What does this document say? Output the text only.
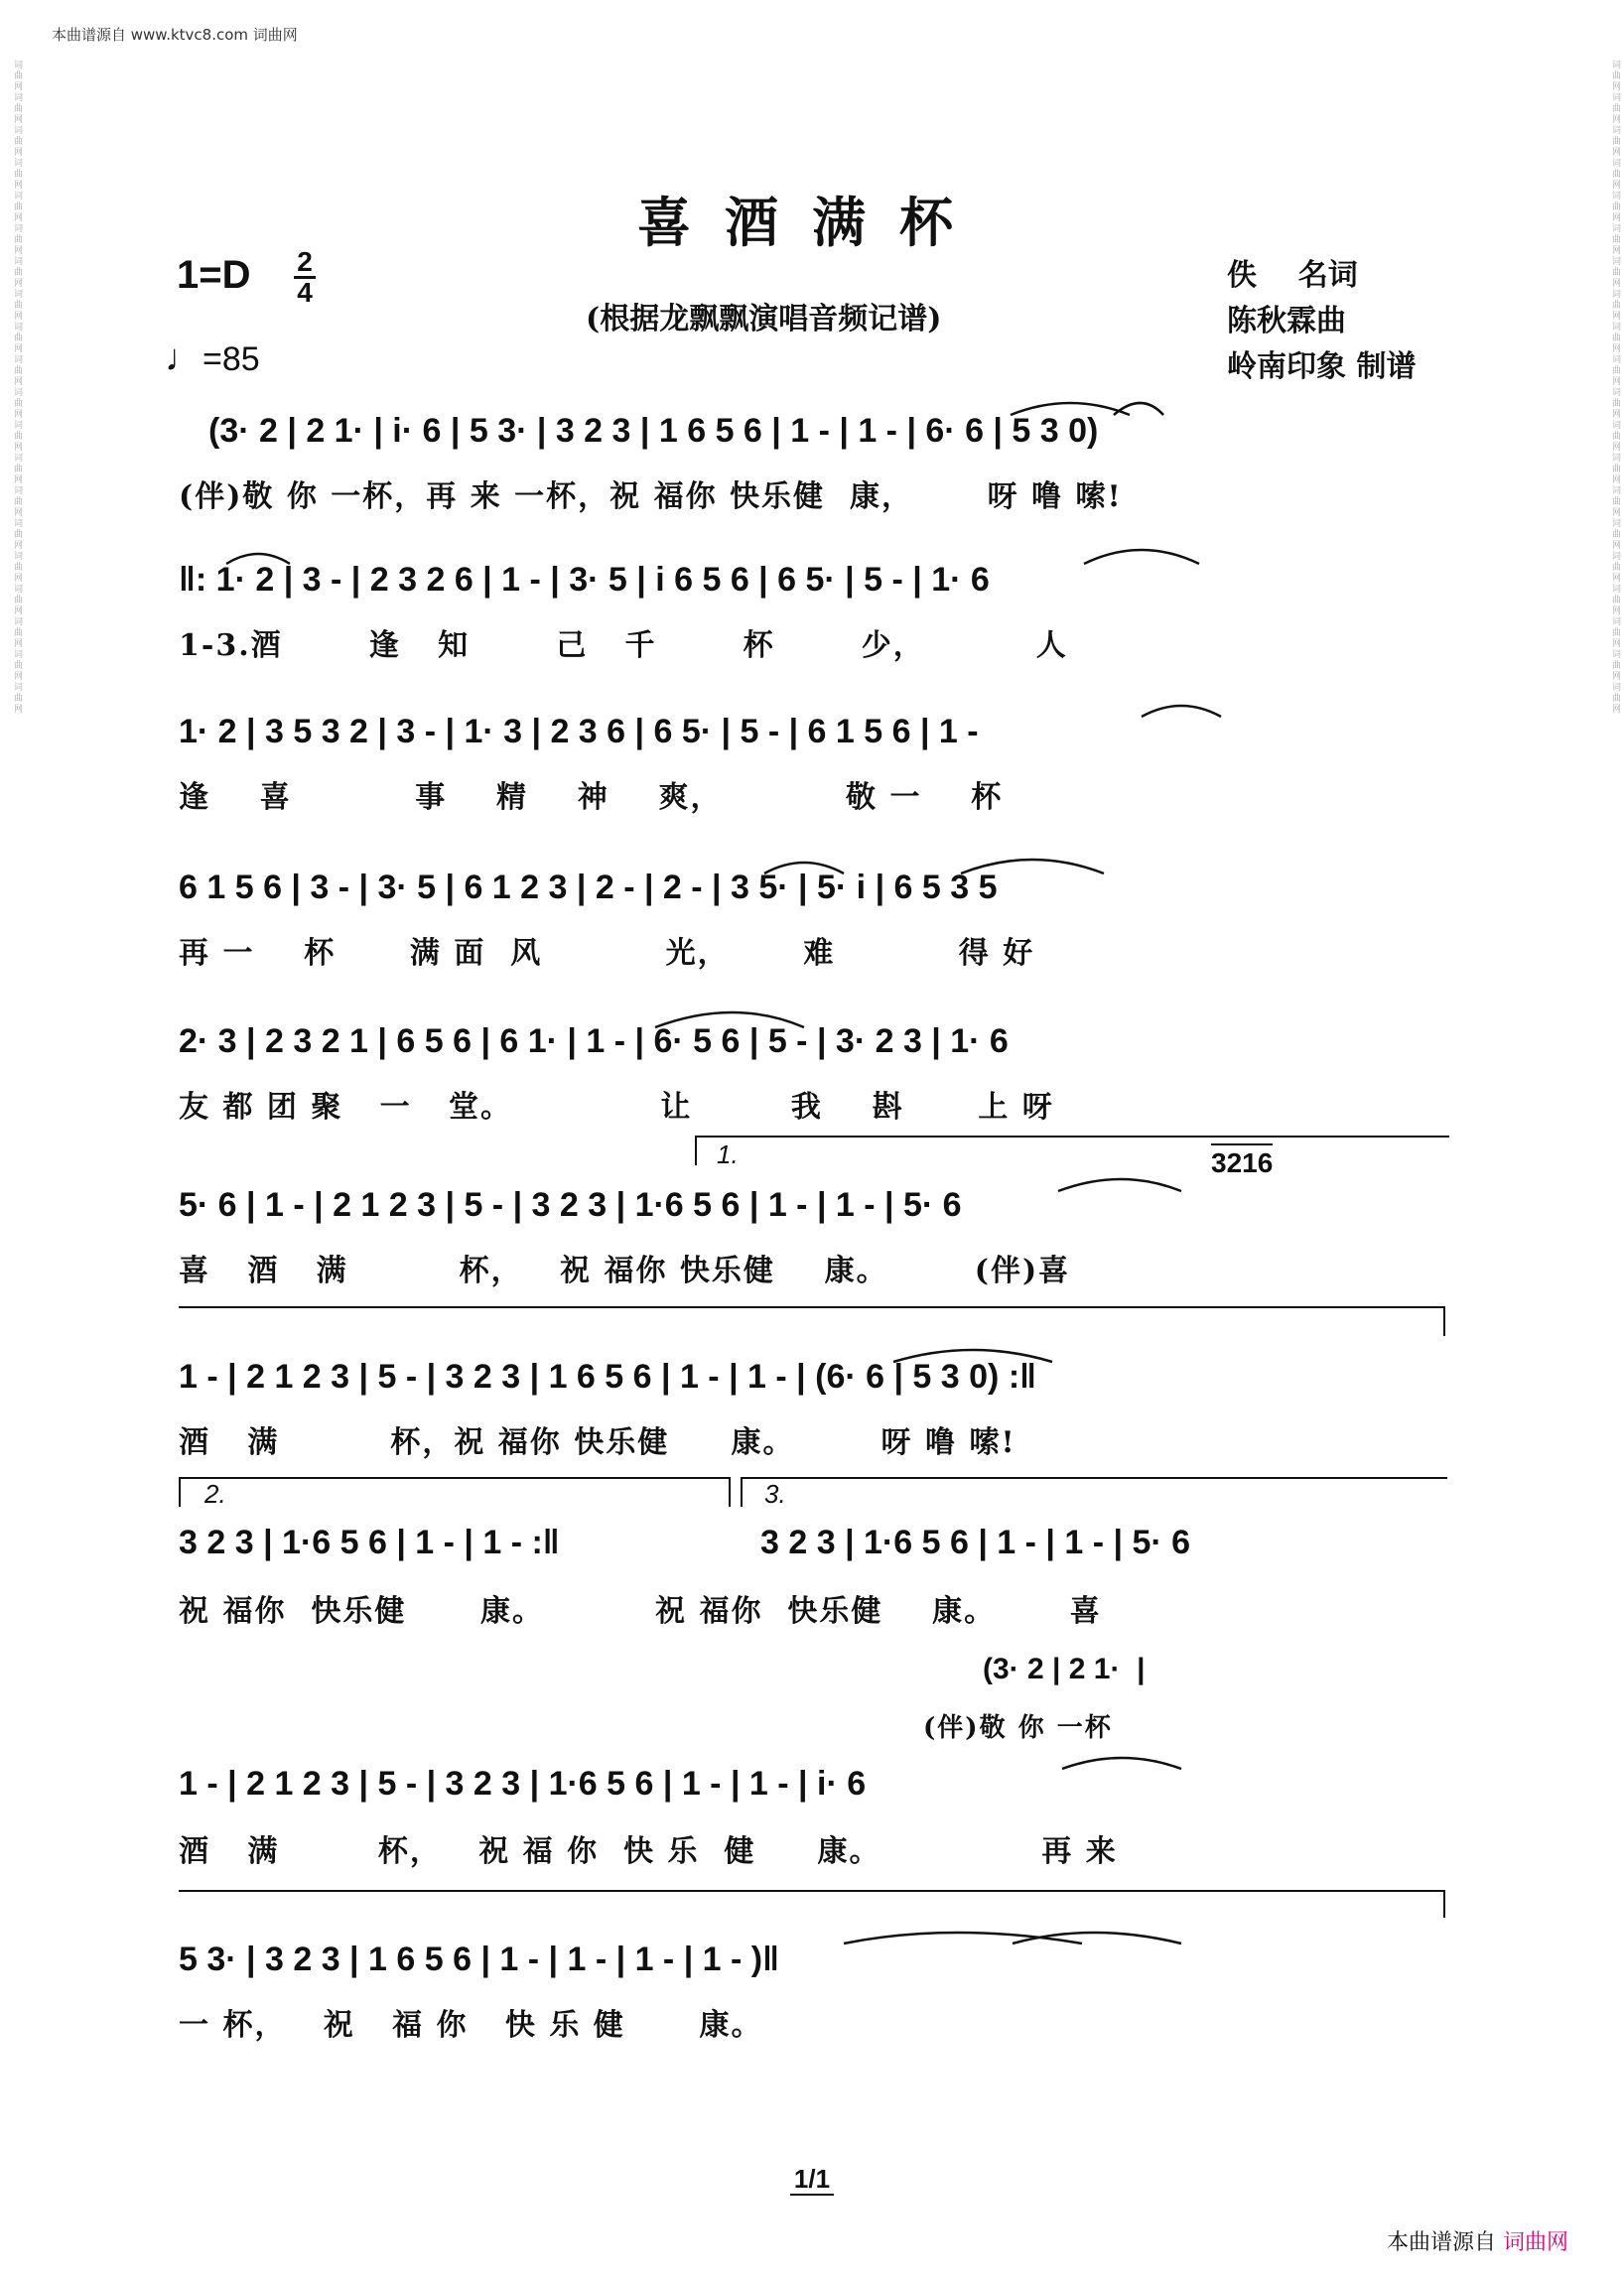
本曲谱源自 www.ktvc8.com 词曲网
词曲网词曲网词曲网词曲网词曲网词曲网词曲网词曲网词曲网词曲网词曲网词曲网词曲网词曲网词曲网词曲网词曲网词曲网词曲网词曲网	词曲网词曲网词曲网词曲网词曲网词曲网词曲网词曲网词曲网词曲网词曲网词曲网词曲网词曲网词曲网词曲网词曲网词曲网词曲网词曲网
喜酒满杯
1=D 2
4
♩=85
(根据龙飘飘演唱音频记谱)
佚    名词
陈秋霖曲
岭南印象 制谱
(3· 2 | 2 1· | i· 6 | 5 3· | 3 2 3 | 1 6 5 6 | 1 - | 1 - | 6· 6 | 5 3 0)
(伴)敬 你 一杯，再 来 一杯，祝 福你 快乐健  康，      呀 噜 嗦!
‖: 1· 2 | 3 - | 2 3 2 6 | 1 - | 3· 5 | i 6 5 6 | 6 5· | 5 - | 1· 6
1-3.酒       逢   知       己   千       杯       少，         人
1· 2 | 3 5 3 2 | 3 - | 1· 3 | 2 3 6 | 6 5· | 5 - | 6 1 5 6 | 1 -
逢    喜          事    精    神    爽，          敬 一    杯
6 1 5 6 | 3 - | 3· 5 | 6 1 2 3 | 2 - | 2 - | 3 5· | 5· i | 6 5 3 5
再 一    杯      满 面  风          光，      难          得 好
2· 3 | 2 3 2 1 | 6 5 6 | 6 1· | 1 - | 6· 5 6 | 5 - | 3· 2 3 | 1· 6
友 都 团 聚   一   堂。            让        我    斟      上 呀
1.	3216
5· 6 | 1 - | 2 1 2 3 | 5 - | 3 2 3 | 1·6 5 6 | 1 - | 1 - | 5· 6
喜   酒   满         杯，   祝 福你 快乐健    康。       (伴)喜
1 - | 2 1 2 3 | 5 - | 3 2 3 | 1 6 5 6 | 1 - | 1 - | (6· 6 | 5 3 0) :‖
酒   满         杯，祝 福你 快乐健     康。       呀 噜 嗦!
2.	3.
3 2 3 | 1·6 5 6 | 1 - | 1 - :‖	3 2 3 | 1·6 5 6 | 1 - | 1 - | 5· 6
祝 福你  快乐健      康。         祝 福你  快乐健    康。      喜
(3· 2 | 2 1·  |
(伴)敬 你 一杯
1 - | 2 1 2 3 | 5 - | 3 2 3 | 1·6 5 6 | 1 - | 1 - | i· 6
酒   满        杯，   祝 福 你  快 乐  健     康。             再 来
5 3· | 3 2 3 | 1 6 5 6 | 1 - | 1 - | 1 - | 1 - )‖
一 杯，   祝   福 你   快 乐 健      康。
1/1
本曲谱源自 词曲网
